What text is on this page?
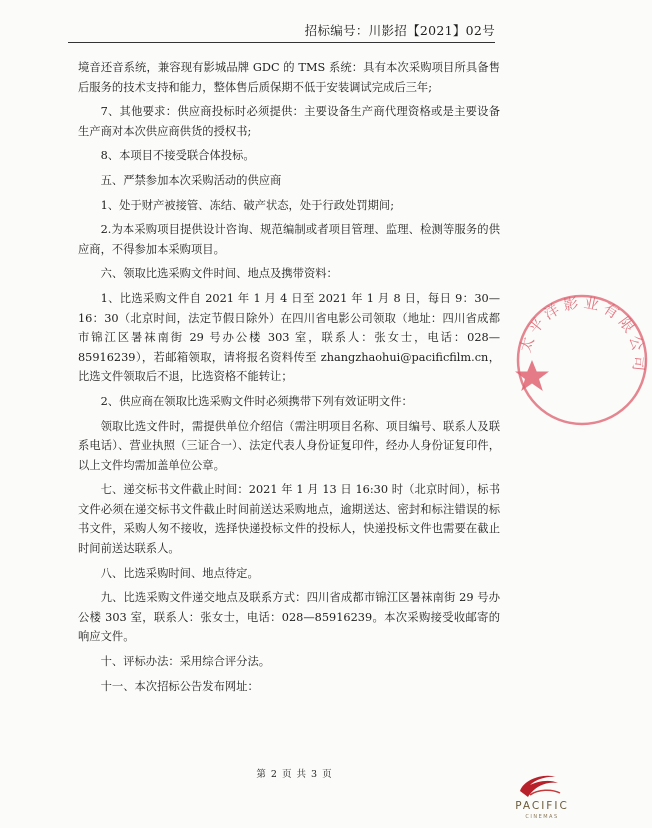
招标编号：川影招【2021】02号

境音还音系统，兼容现有影城品牌 GDC 的 TMS 系统：具有本次采购项目所具备售后服务的技术支持和能力，整体售后质保期不低于安装调试完成后三年;

7、其他要求：供应商投标时必须提供：主要设备生产商代理资格或是主要设备生产商对本次供应商供货的授权书;

8、本项目不接受联合体投标。

五、严禁参加本次采购活动的供应商

1、处于财产被接管、冻结、破产状态，处于行政处罚期间;

2.为本采购项目提供设计咨询、规范编制或者项目管理、监理、检测等服务的供应商，不得参加本采购项目。

六、领取比选采购文件时间、地点及携带资料：

1、比选采购文件自 2021 年 1 月 4 日至 2021 年 1 月 8 日，每日 9：30—16：30（北京时间，法定节假日除外）在四川省电影公司领取（地址：四川省成都市锦江区暑袜南街 29 号办公楼 303 室，联系人：张女士，电话：028—85916239），若邮箱领取，请将报名资料传至 zhangzhaohui@pacificfilm.cn，比选文件领取后不退，比选资格不能转让；

2、供应商在领取比选采购文件时必须携带下列有效证明文件：

领取比选文件时，需提供单位介绍信（需注明项目名称、项目编号、联系人及联系电话）、营业执照（三证合一）、法定代表人身份证复印件，经办人身份证复印件，以上文件均需加盖单位公章。

七、递交标书文件截止时间：2021 年 1 月 13 日 16:30 时（北京时间），标书文件必须在递交标书文件截止时间前送达采购地点，逾期送达、密封和标注错误的标书文件，采购人匆不接收，选择快递投标文件的投标人，快递投标文件也需要在截止时间前送达联系人。

八、比选采购时间、地点待定。

九、比选采购文件递交地点及联系方式：四川省成都市锦江区暑袜南街 29 号办公楼 303 室，联系人：张女士，电话：028—85916239。本次采购接受收邮寄的响应文件。

十、评标办法：采用综合评分法。

十一、本次招标公告发布网址：

第 2 页 共 3 页
太平洋影业有限公司
PACIFIC
CINEMAS
